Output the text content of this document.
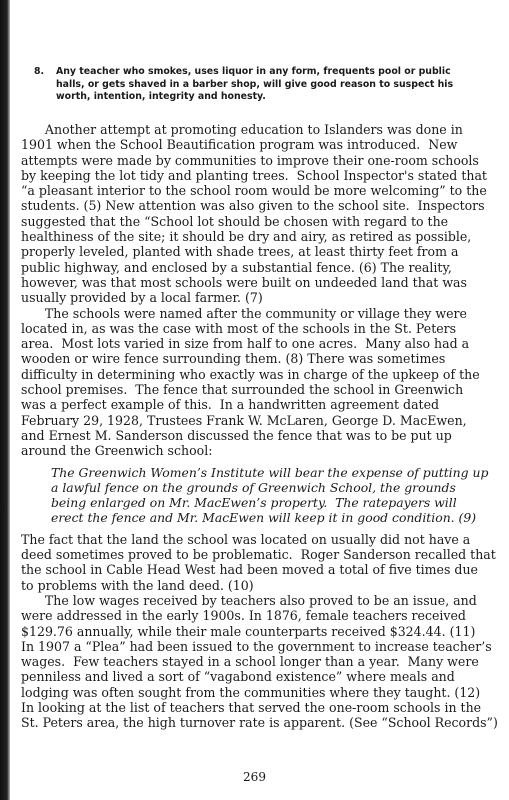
8. Any teacher who smokes, uses liquor in any form, frequents pool or public halls, or gets shaved in a barber shop, will give good reason to suspect his worth, intention, integrity and honesty.
Another attempt at promoting education to Islanders was done in
1901 when the School Beautification program was introduced.  New
attempts were made by communities to improve their one-room schools
by keeping the lot tidy and planting trees.  School Inspector's stated that
“a pleasant interior to the school room would be more welcoming” to the
students. (5) New attention was also given to the school site.  Inspectors
suggested that the “School lot should be chosen with regard to the
healthiness of the site; it should be dry and airy, as retired as possible,
properly leveled, planted with shade trees, at least thirty feet from a
public highway, and enclosed by a substantial fence. (6) The reality,
however, was that most schools were built on undeeded land that was
usually provided by a local farmer. (7)
The schools were named after the community or village they were
located in, as was the case with most of the schools in the St. Peters
area.  Most lots varied in size from half to one acres.  Many also had a
wooden or wire fence surrounding them. (8) There was sometimes
difficulty in determining who exactly was in charge of the upkeep of the
school premises.  The fence that surrounded the school in Greenwich
was a perfect example of this.  In a handwritten agreement dated
February 29, 1928, Trustees Frank W. McLaren, George D. MacEwen,
and Ernest M. Sanderson discussed the fence that was to be put up
around the Greenwich school:
The Greenwich Women’s Institute will bear the expense of putting up
a lawful fence on the grounds of Greenwich School, the grounds
being enlarged on Mr. MacEwen’s property.  The ratepayers will
erect the fence and Mr. MacEwen will keep it in good condition. (9)
The fact that the land the school was located on usually did not have a
deed sometimes proved to be problematic.  Roger Sanderson recalled that
the school in Cable Head West had been moved a total of five times due
to problems with the land deed. (10)
The low wages received by teachers also proved to be an issue, and
were addressed in the early 1900s. In 1876, female teachers received
$129.76 annually, while their male counterparts received $324.44. (11)
In 1907 a “Plea” had been issued to the government to increase teacher’s
wages.  Few teachers stayed in a school longer than a year.  Many were
penniless and lived a sort of “vagabond existence” where meals and
lodging was often sought from the communities where they taught. (12)
In looking at the list of teachers that served the one-room schools in the
St. Peters area, the high turnover rate is apparent. (See “School Records”)
269
